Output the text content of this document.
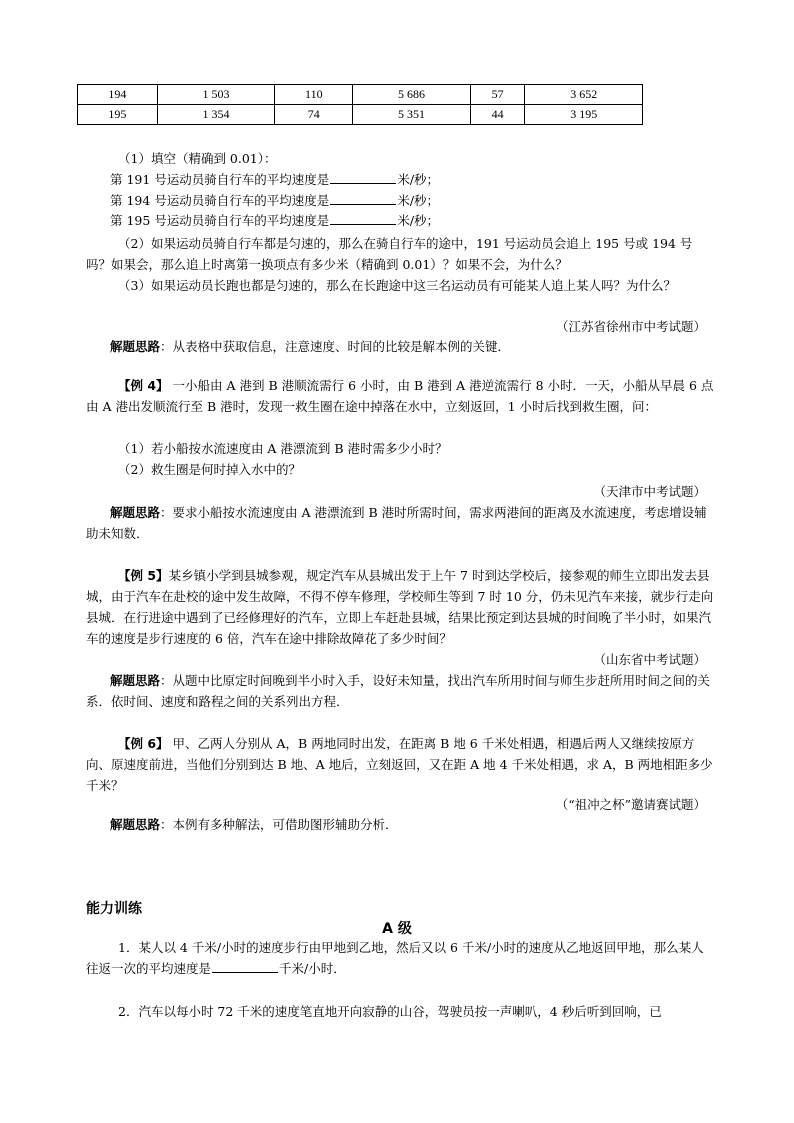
194	1 503	110	5 686	57	3 652
195	1 354	74	5 351	44	3 195
（1）填空（精确到 0.01）：
第 191 号运动员骑自行车的平均速度是	米/秒；
第 194 号运动员骑自行车的平均速度是	米/秒；
第 195 号运动员骑自行车的平均速度是	米/秒；
（2）如果运动员骑自行车都是匀速的，那么在骑自行车的途中，191 号运动员会追上 195 号或 194 号吗？如果会，那么追上时离第一换项点有多少米（精确到 0.01）？如果不会，为什么？
（3）如果运动员长跑也都是匀速的，那么在长跑途中这三名运动员有可能某人追上某人吗？为什么？
（江苏省徐州市中考试题）
解题思路：从表格中获取信息，注意速度、时间的比较是解本例的关键．
【例 4】 一小船由 A 港到 B 港顺流需行 6 小时，由 B 港到 A 港逆流需行 8 小时．一天，小船从早晨 6 点由 A 港出发顺流行至 B 港时，发现一救生圈在途中掉落在水中，立刻返回，1 小时后找到救生圈，问：
（1）若小船按水流速度由 A 港漂流到 B 港时需多少小时？
（2）救生圈是何时掉入水中的？
（天津市中考试题）
解题思路：要求小船按水流速度由 A 港漂流到 B 港时所需时间，需求两港间的距离及水流速度，考虑增设辅助未知数．
【例 5】某乡镇小学到县城参观，规定汽车从县城出发于上午 7 时到达学校后，接参观的师生立即出发去县城，由于汽车在赴校的途中发生故障，不得不停车修理，学校师生等到 7 时 10 分，仍未见汽车来接，就步行走向县城．在行进途中遇到了已经修理好的汽车，立即上车赶赴县城，结果比预定到达县城的时间晚了半小时，如果汽车的速度是步行速度的 6 倍，汽车在途中排除故障花了多少时间？
（山东省中考试题）
解题思路：从题中比原定时间晚到半小时入手，设好未知量，找出汽车所用时间与师生步赶所用时间之间的关系．依时间、速度和路程之间的关系列出方程．
【例 6】 甲、乙两人分别从 A，B 两地同时出发，在距离 B 地 6 千米处相遇，相遇后两人又继续按原方向、原速度前进，当他们分别到达 B 地、A 地后，立刻返回，又在距 A 地 4 千米处相遇，求 A，B 两地相距多少千米？
（“祖冲之杯”邀请赛试题）
解题思路：本例有多种解法，可借助图形辅助分析．
能力训练
A 级
1．某人以 4 千米/小时的速度步行由甲地到乙地，然后又以 6 千米/小时的速度从乙地返回甲地，那么某人往返一次的平均速度是	千米/小时．
2．汽车以每小时 72 千米的速度笔直地开向寂静的山谷，驾驶员按一声喇叭，4 秒后听到回响，已
